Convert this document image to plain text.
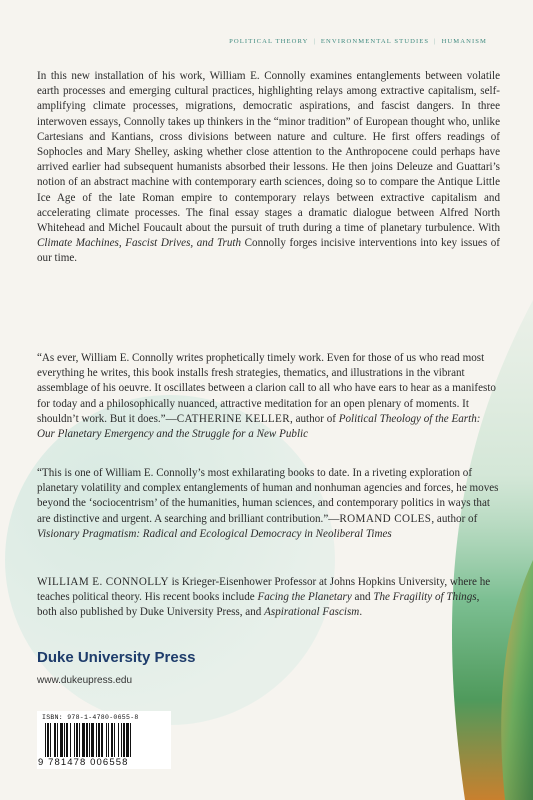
POLITICAL THEORY | ENVIRONMENTAL STUDIES | HUMANISM

In this new installation of his work, William E. Connolly examines entanglements between volatile earth processes and emerging cultural practices, highlighting relays among extractive capitalism, self-amplifying climate processes, migrations, democratic aspirations, and fascist dangers. In three interwoven essays, Connolly takes up thinkers in the “minor tradition” of European thought who, unlike Cartesians and Kantians, cross divisions between nature and culture. He first offers readings of Sophocles and Mary Shelley, asking whether close attention to the Anthropocene could perhaps have arrived earlier had subsequent humanists absorbed their lessons. He then joins Deleuze and Guattari’s notion of an abstract machine with contemporary earth sciences, doing so to compare the Antique Little Ice Age of the late Roman empire to contemporary relays between extractive capitalism and accelerating climate processes. The final essay stages a dramatic dialogue between Alfred North Whitehead and Michel Foucault about the pursuit of truth during a time of planetary turbulence. With Climate Machines, Fascist Drives, and Truth Connolly forges incisive interventions into key issues of our time.

“As ever, William E. Connolly writes prophetically timely work. Even for those of us who read most everything he writes, this book installs fresh strategies, thematics, and illustrations in the vibrant assemblage of his oeuvre. It oscillates between a clarion call to all who have ears to hear as a manifesto for today and a philosophically nuanced, attractive meditation for an open plenary of moments. It shouldn’t work. But it does.”—CATHERINE KELLER, author of Political Theology of the Earth: Our Planetary Emergency and the Struggle for a New Public

“This is one of William E. Connolly’s most exhilarating books to date. In a riveting exploration of planetary volatility and complex entanglements of human and nonhuman agencies and forces, he moves beyond the ‘sociocentrism’ of the humanities, human sciences, and contemporary politics in ways that are distinctive and urgent. A searching and brilliant contribution.”—ROMAND COLES, author of Visionary Pragmatism: Radical and Ecological Democracy in Neoliberal Times

WILLIAM E. CONNOLLY is Krieger-Eisenhower Professor at Johns Hopkins University, where he teaches political theory. His recent books include Facing the Planetary and The Fragility of Things, both also published by Duke University Press, and Aspirational Fascism.

Duke University Press
www.dukeupress.edu
ISBN: 978-1-4780-0655-8
9 781478 006558
